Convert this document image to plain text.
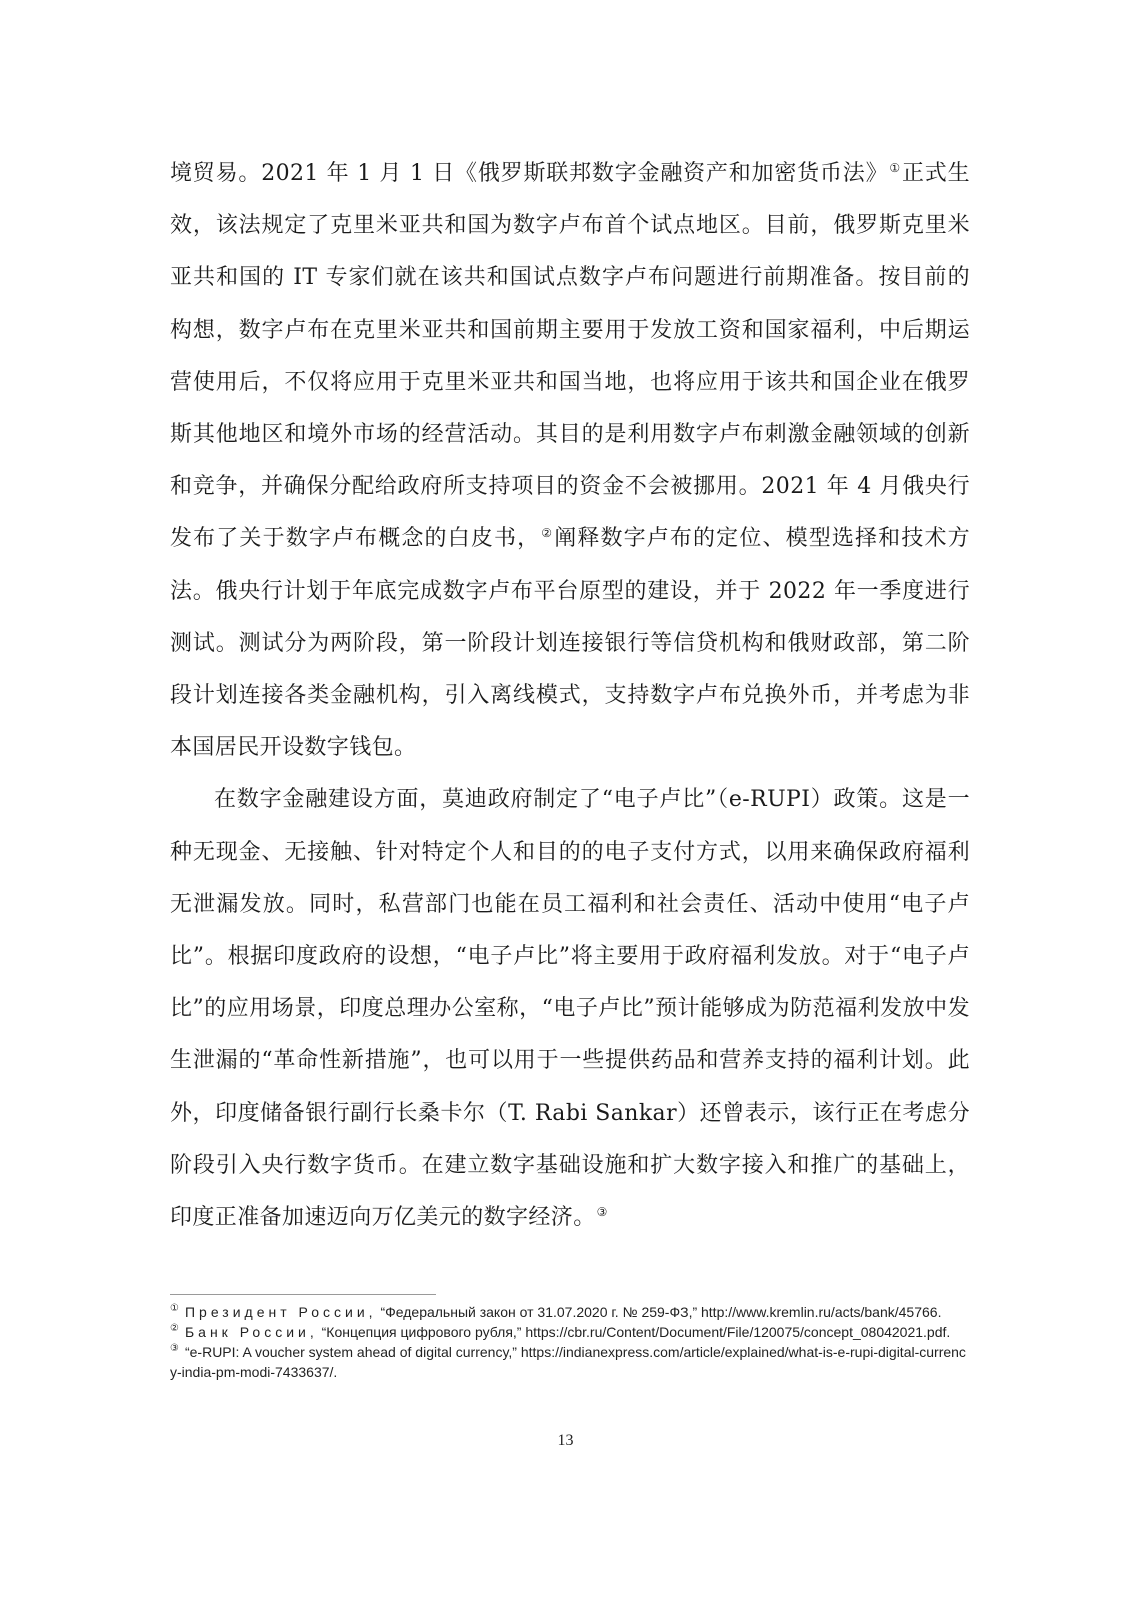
境贸易。2021 年 1 月 1 日《俄罗斯联邦数字金融资产和加密货币法》①正式生效，该法规定了克里米亚共和国为数字卢布首个试点地区。目前，俄罗斯克里米亚共和国的 IT 专家们就在该共和国试点数字卢布问题进行前期准备。按目前的构想，数字卢布在克里米亚共和国前期主要用于发放工资和国家福利，中后期运营使用后，不仅将应用于克里米亚共和国当地，也将应用于该共和国企业在俄罗斯其他地区和境外市场的经营活动。其目的是利用数字卢布刺激金融领域的创新和竞争，并确保分配给政府所支持项目的资金不会被挪用。2021 年 4 月俄央行发布了关于数字卢布概念的白皮书，②阐释数字卢布的定位、模型选择和技术方法。俄央行计划于年底完成数字卢布平台原型的建设，并于 2022 年一季度进行测试。测试分为两阶段，第一阶段计划连接银行等信贷机构和俄财政部，第二阶段计划连接各类金融机构，引入离线模式，支持数字卢布兑换外币，并考虑为非本国居民开设数字钱包。

在数字金融建设方面，莫迪政府制定了“电子卢比”（e-RUPI）政策。这是一种无现金、无接触、针对特定个人和目的的电子支付方式，以用来确保政府福利无泄漏发放。同时，私营部门也能在员工福利和社会责任、活动中使用“电子卢比”。根据印度政府的设想，“电子卢比”将主要用于政府福利发放。对于“电子卢比”的应用场景，印度总理办公室称，“电子卢比”预计能够成为防范福利发放中发生泄漏的“革命性新措施”，也可以用于一些提供药品和营养支持的福利计划。此外，印度储备银行副行长桑卡尔（T. Rabi Sankar）还曾表示，该行正在考虑分阶段引入央行数字货币。在建立数字基础设施和扩大数字接入和推广的基础上，印度正准备加速迈向万亿美元的数字经济。③

① Президент России, “Федеральный закон от 31.07.2020 г. № 259-ФЗ,” http://www.kremlin.ru/acts/bank/45766.

② Банк России, “Концепция цифрового рубля,” https://cbr.ru/Content/Document/File/120075/concept_08042021.pdf.

③ “e-RUPI: A voucher system ahead of digital currency,” https://indianexpress.com/article/explained/what-is-e-rupi-digital-currency-india-pm-modi-7433637/.

13
